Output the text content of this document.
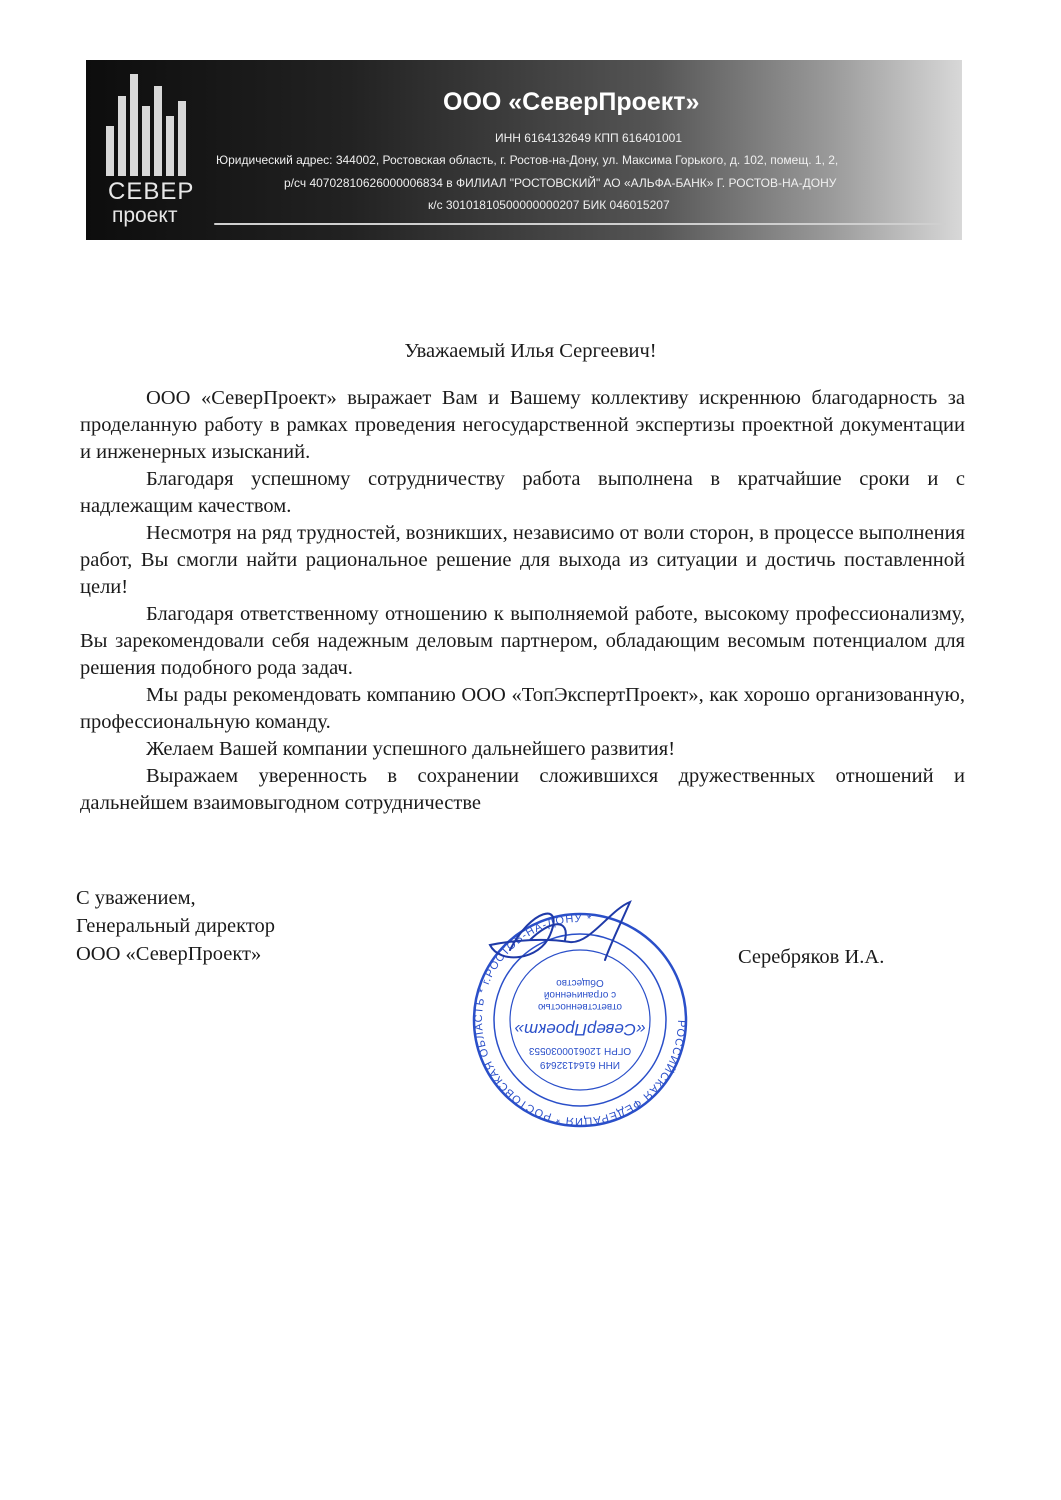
СЕВЕР
проект
ООО «СеверПроект»
ИНН 6164132649 КПП 616401001
Юридический адрес: 344002, Ростовская область, г. Ростов-на-Дону, ул. Максима Горького, д. 102, помещ. 1, 2,
р/сч 40702810626000006834 в ФИЛИАЛ "РОСТОВСКИЙ" АО «АЛЬФА-БАНК» Г. РОСТОВ-НА-ДОНУ
к/с 30101810500000000207 БИК 046015207
Уважаемый Илья Сергеевич!

ООО «СеверПроект» выражает Вам и Вашему коллективу искреннюю благодарность за проделанную работу в рамках проведения негосударственной экспертизы проектной документации и инженерных изысканий.

Благодаря успешному сотрудничеству работа выполнена в кратчайшие сроки и с надлежащим качеством.

Несмотря на ряд трудностей, возникших, независимо от воли сторон, в процессе выполнения работ, Вы смогли найти рациональное решение для выхода из ситуации и достичь поставленной цели!

Благодаря ответственному отношению к выполняемой работе, высокому профессионализму, Вы зарекомендовали себя надежным деловым партнером, обладающим весомым потенциалом для решения подобного рода задач.

Мы рады рекомендовать компанию ООО «ТопЭкспертПроект», как хорошо организованную, профессиональную команду.

Желаем Вашей компании успешного дальнейшего развития!

Выражаем уверенность в сохранении сложившихся дружественных отношений и дальнейшем взаимовыгодном сотрудничестве

С уважением,
Генеральный директор
ООО «СеверПроект»	Серебряков И.А.
РОССИЙСКАЯ ФЕДЕРАЦИЯ * РОСТОВСКАЯ ОБЛАСТЬ * г.РОСТОВ-НА-ДОНУ *
ИНН 6164132649
ОГРН 1206100030553
«СеверПроект»
ответственностью
с ограниченной
Общество
